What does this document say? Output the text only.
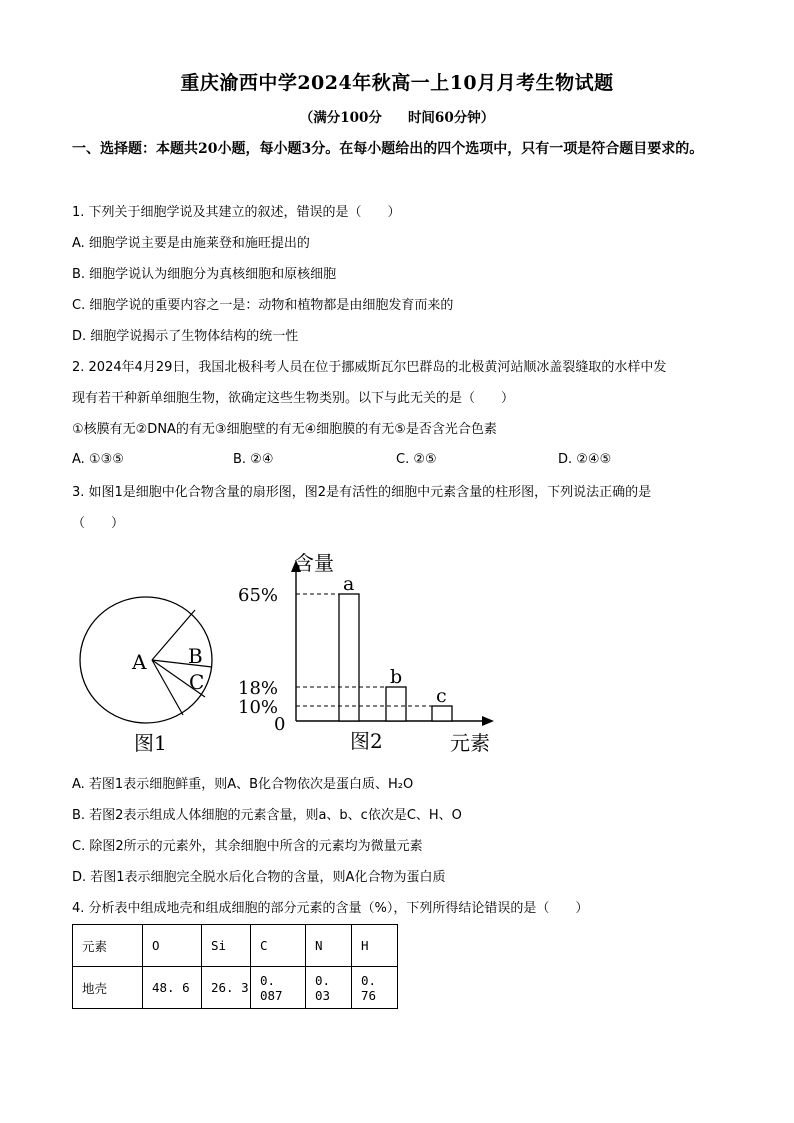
重庆渝西中学2024年秋高一上10月月考生物试题
（满分100分 时间60分钟）
一、选择题：本题共20小题，每小题3分。在每小题给出的四个选项中，只有一项是符合题目要求的。
1. 下列关于细胞学说及其建立的叙述，错误的是（　　）
A. 细胞学说主要是由施莱登和施旺提出的
B. 细胞学说认为细胞分为真核细胞和原核细胞
C. 细胞学说的重要内容之一是：动物和植物都是由细胞发育而来的
D. 细胞学说揭示了生物体结构的统一性
2. 2024年4月29日，我国北极科考人员在位于挪威斯瓦尔巴群岛的北极黄河站顺冰盖裂缝取的水样中发
现有若干种新单细胞生物，欲确定这些生物类别。以下与此无关的是（　　）
①核膜有无②DNA的有无③细胞壁的有无④细胞膜的有无⑤是否含光合色素
A. ①③⑤	B. ②④	C. ②⑤	D. ②④⑤
3. 如图1是细胞中化合物含量的扇形图，图2是有活性的细胞中元素含量的柱形图，下列说法正确的是
（　　）
A B
C
图1
含量
元素
图2
0
a
65%
b
18%	c
10%
A. 若图1表示细胞鲜重，则A、B化合物依次是蛋白质、H₂O
B. 若图2表示组成人体细胞的元素含量，则a、b、c依次是C、H、O
C. 除图2所示的元素外，其余细胞中所含的元素均为微量元素
D. 若图1表示细胞完全脱水后化合物的含量，则A化合物为蛋白质
4. 分析表中组成地壳和组成细胞的部分元素的含量（%），下列所得结论错误的是（　　）
元素	O	Si	C	N	H
地壳	48. 6	26. 3	0. 087	0. 03	0. 76
